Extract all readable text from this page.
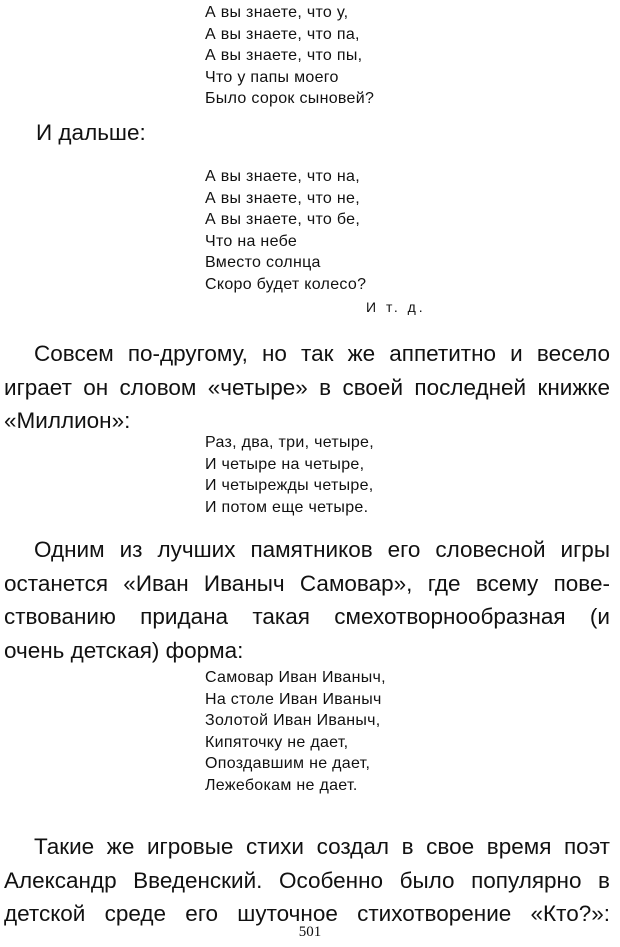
А вы знаете, что у,
А вы знаете, что па,
А вы знаете, что пы,
Что у папы моего
Было сорок сыновей?
И дальше:
А вы знаете, что на,
А вы знаете, что не,
А вы знаете, что бе,
Что на небе
Вместо солнца
Скоро будет колесо?
И т. д.
Совсем по-другому, но так же аппетитно и весело
играет он словом «четыре» в своей последней книжке
«Миллион»:
Раз, два, три, четыре,
И четыре на четыре,
И четырежды четыре,
И потом еще четыре.
Одним из лучших памятников его словесной игры
останется «Иван Иваныч Самовар», где всему пове-
ствованию придана такая смехотворнообразная (и
очень детская) форма:
Самовар Иван Иваныч,
На столе Иван Иваныч
Золотой Иван Иваныч,
Кипяточку не дает,
Опоздавшим не дает,
Лежебокам не дает.
Такие же игровые стихи создал в свое время поэт
Александр Введенский. Особенно было популярно в
детской среде его шуточное стихотворение «Кто?»:
501
